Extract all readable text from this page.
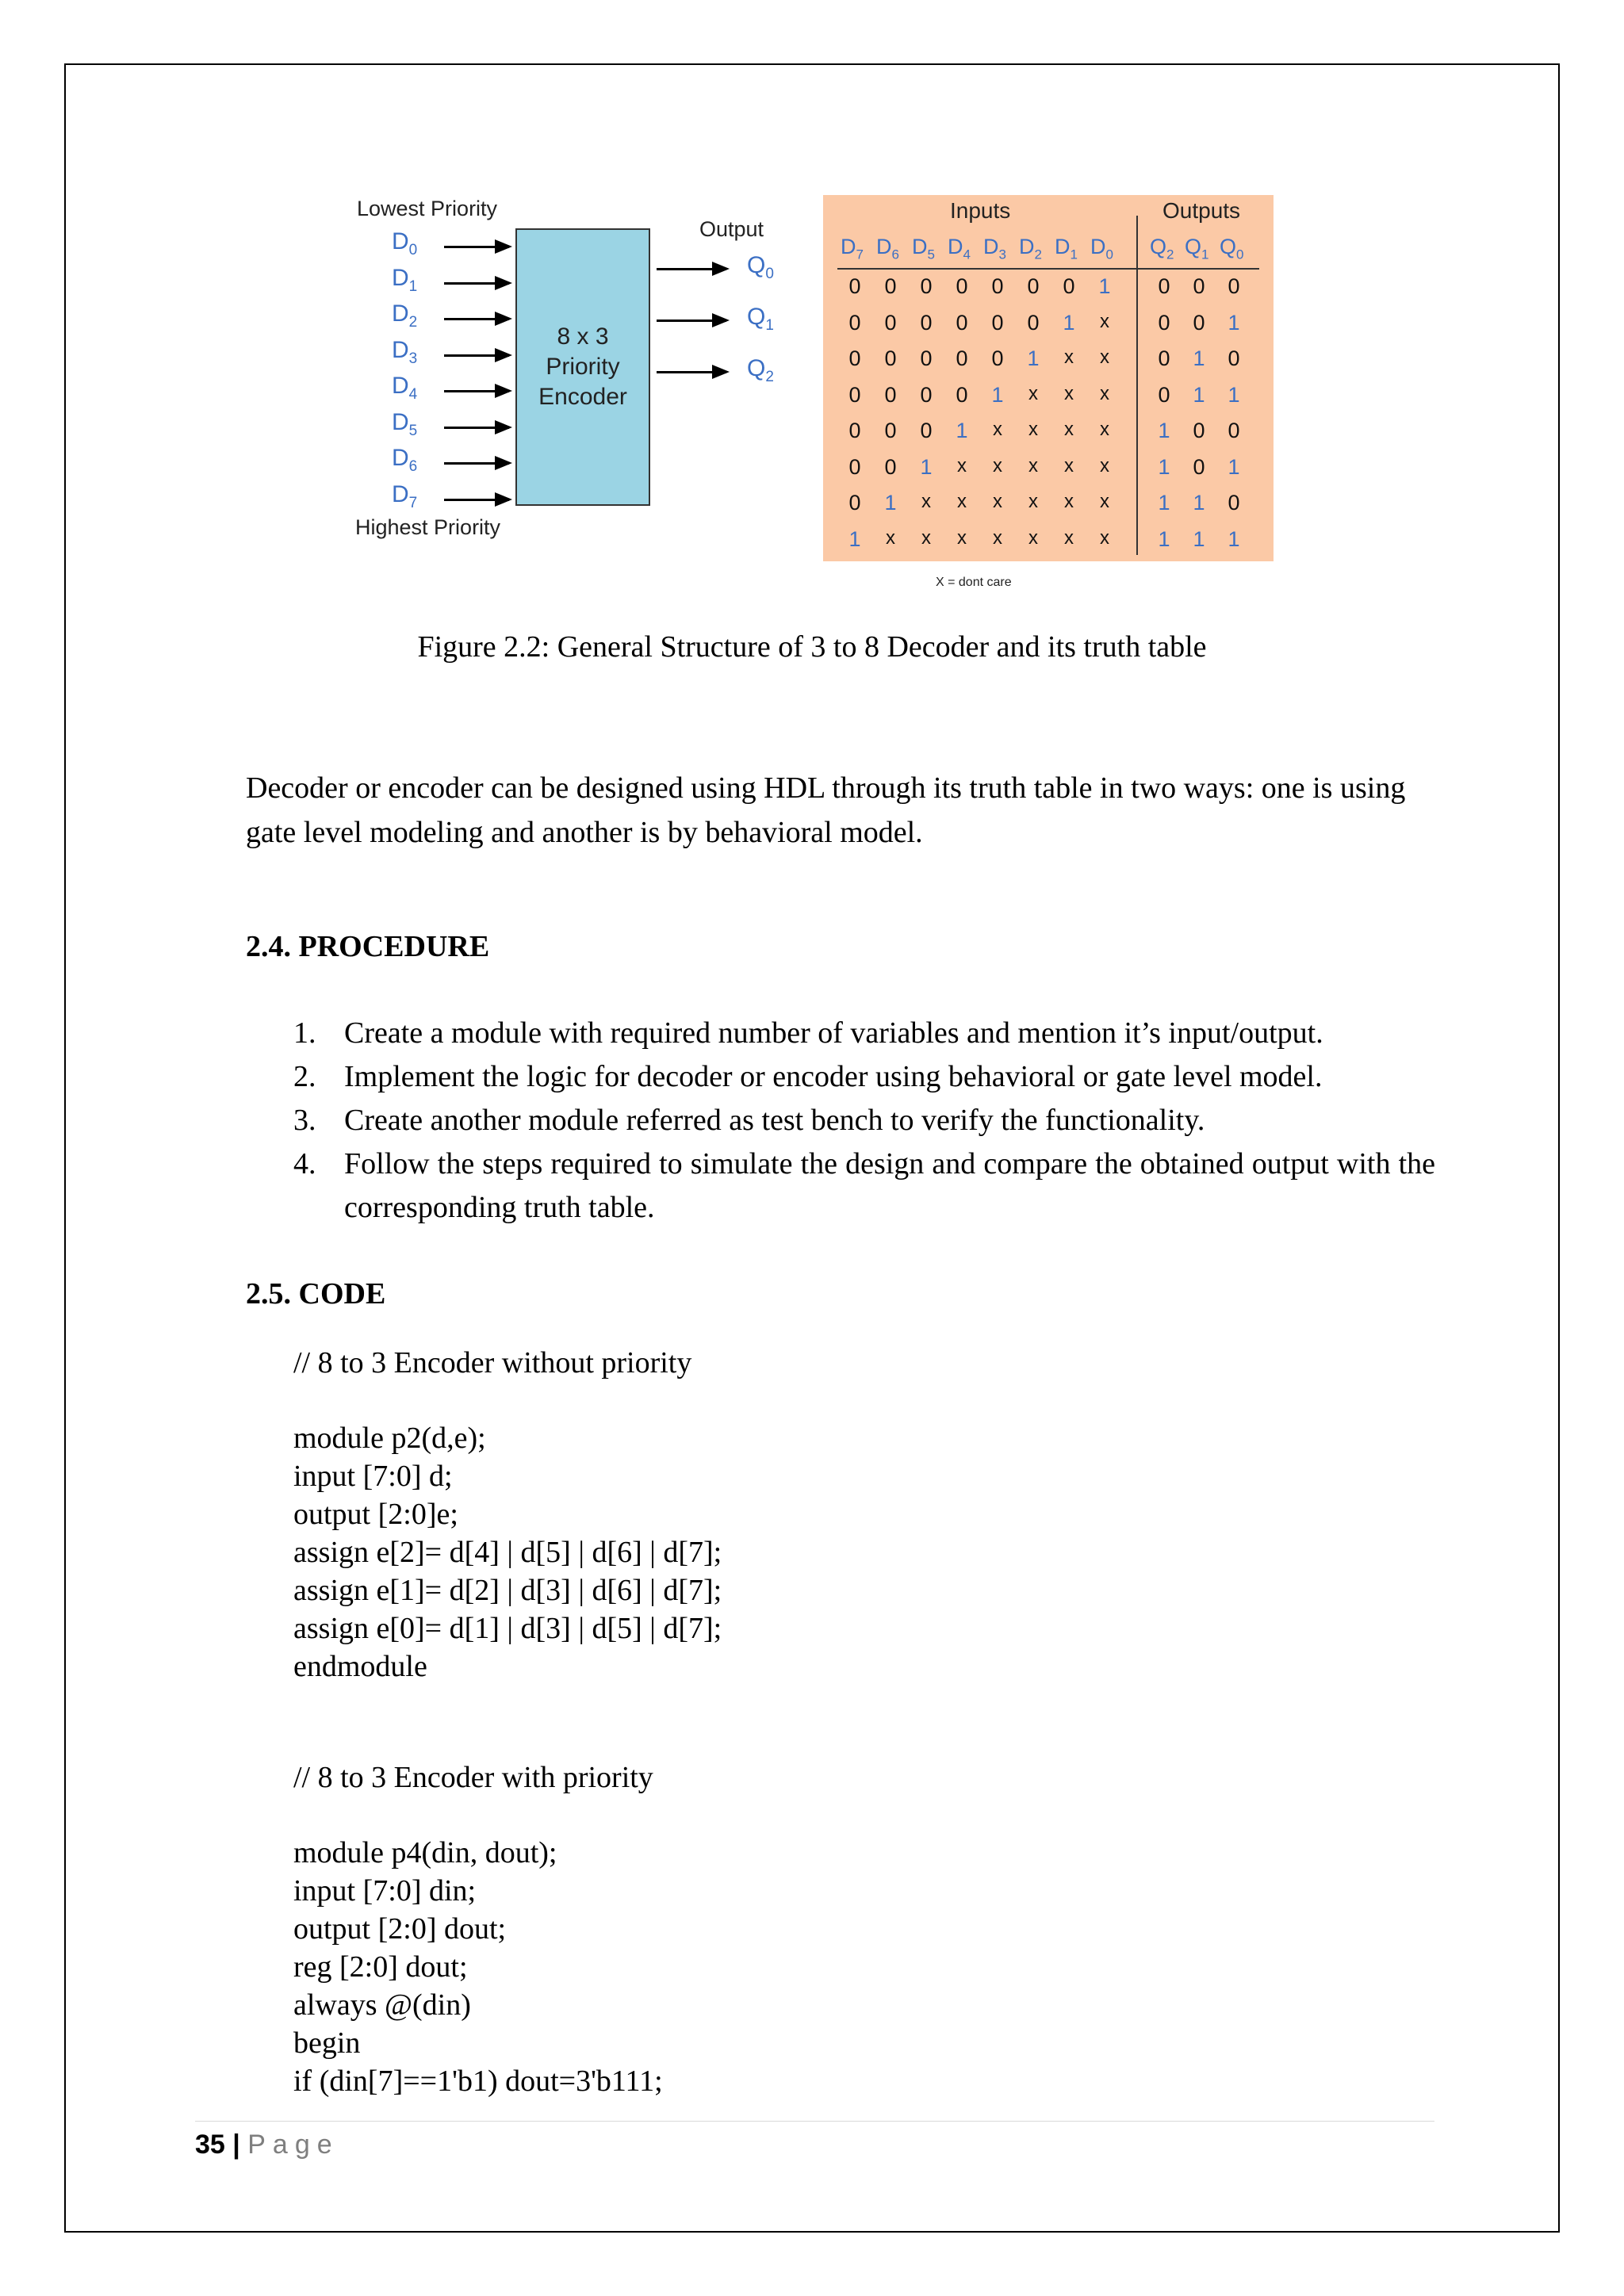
Lowest Priority
Highest Priority
Output
$D_0$
$D_1$
$D_2$
$D_3$
$D_4$
$D_5$
$D_6$
$D_7$
$Q_0$
$Q_1$
$Q_2$
8 x 3
Priority
Encoder
Inputs	Outputs
$D_7$ $D_6$ $D_5$ $D_4$ $D_3$ $D_2$ $D_1$ $D_0$ $Q_2$ $Q_1$ $Q_0$
0	0	0	0	0	0	0	1	0	0	0
0	0	0	0	0	0	1	x	0	0	1
0	0	0	0	0	1	x	x	0	1	0
0	0	0	0	1	x	x	x	0	1	1
0	0	0	1	x	x	x	x	1	0	0
0	0	1	x	x	x	x	x	1	0	1
0	1	x	x	x	x	x	x	1	1	0
1	x	x	x	x	x	x	x	1	1	1
X = dont care
Figure 2.2: General Structure of 3 to 8 Decoder and its truth table

Decoder or encoder can be designed using HDL through its truth table in two ways: one is using gate level modeling and another is by behavioral model.

2.4. PROCEDURE
1. Create a module with required number of variables and mention it’s input/output.
2. Implement the logic for decoder or encoder using behavioral or gate level model.
3. Create another module referred as test bench to verify the functionality.
4. Follow the steps required to simulate the design and compare the obtained output with the corresponding truth table.
2.5. CODE
// 8 to 3 Encoder without priority
module p2(d,e);
input [7:0] d;
output [2:0]e;
assign e[2]= d[4] | d[5] | d[6] | d[7];
assign e[1]= d[2] | d[3] | d[6] | d[7];
assign e[0]= d[1] | d[3] | d[5] | d[7];
endmodule
// 8 to 3 Encoder with priority
module p4(din, dout);
input [7:0] din;
output [2:0] dout;
reg [2:0] dout;
always @(din)
begin
if (din[7]==1'b1) dout=3'b111;
35 | Page
